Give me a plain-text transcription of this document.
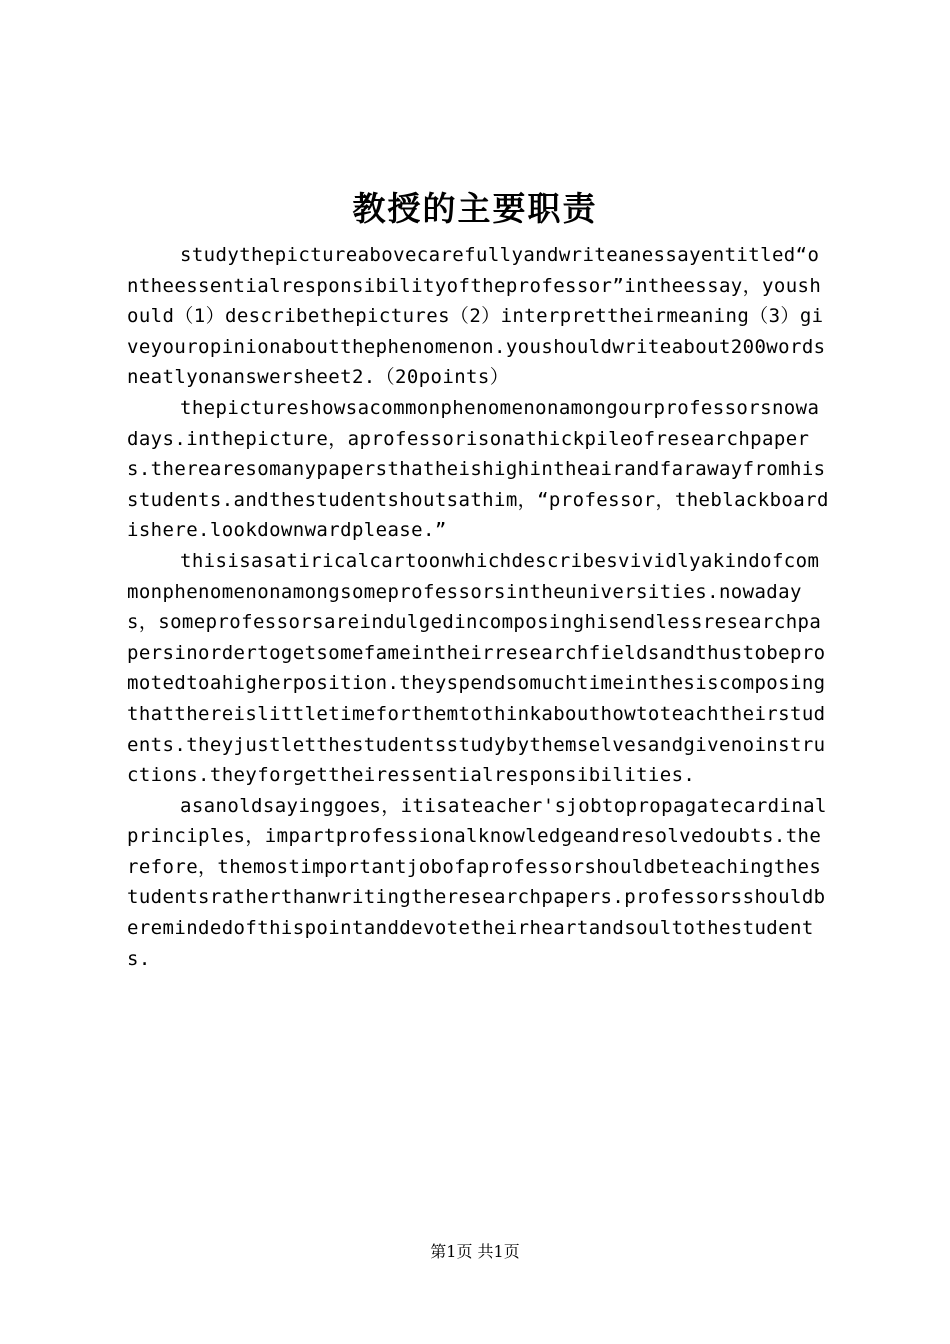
教授的主要职责

studythepictureabovecarefullyandwriteanessayentitled“ontheessentialresponsibilityoftheprofessor”intheessay，youshould（1）describethepictures（2）interprettheirmeaning（3）giveyouropinionaboutthephenomenon.youshouldwriteabout200wordsneatlyonanswersheet2.（20points）

thepictureshowsacommonphenomenonamongourprofessorsnowadays.inthepicture，aprofessorisonathickpileofresearchpapers.therearesomanypapersthatheishighintheairandfarawayfromhisstudents.andthestudentshoutsathim，“professor，theblackboardishere.lookdownwardplease.”

thisisasatiricalcartoonwhichdescribesvividlyakindofcommonphenomenonamongsomeprofessorsintheuniversities.nowadays，someprofessorsareindulgedincomposinghisendlessresearchpapersinordertogetsomefameintheirresearchfieldsandthustobepromotedtoahigherposition.theyspendsomuchtimeinthesiscomposingthatthereislittletimeforthemtothinkabouthowtoteachtheirstudents.theyjustletthestudentsstudybythemselvesandgivenoinstructions.theyforgettheiressentialresponsibilities.

asanoldsayinggoes，itisateacher'sjobtopropagatecardinalprinciples，impartprofessionalknowledgeandresolvedoubts.therefore，themostimportantjobofaprofessorshouldbeteachingthestudentsratherthanwritingtheresearchpapers.professorsshouldberemindedofthispointanddevotetheirheartandsoultothestudents.

第1页 共1页
